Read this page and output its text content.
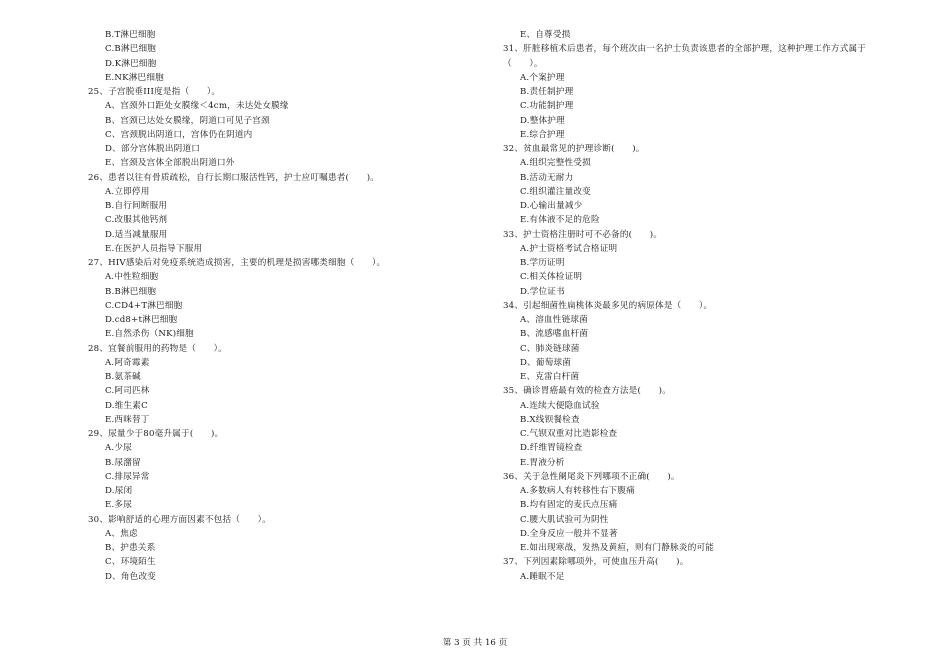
B.T淋巴细胞
C.B淋巴细胞
D.K淋巴细胞
E.NK淋巴细胞
25、子宫脱垂III度是指（　　）。
A、宫颈外口距处女膜缘＜4cm，未达处女膜缘
B、宫颈已达处女膜缘，阴道口可见子宫颈
C、宫颈脱出阴道口，宫体仍在阴道内
D、部分宫体脱出阴道口
E、宫颈及宫体全部脱出阴道口外
26、患者以往有骨质疏松，自行长期口服活性钙，护士应叮嘱患者(　　)。
A.立即停用
B.自行间断服用
C.改服其他钙剂
D.适当减量服用
E.在医护人员指导下服用
27、HIV感染后对免疫系统造成损害，主要的机理是损害哪类细胞（　　）。
A.中性粒细胞
B.B淋巴细胞
C.CD4+T淋巴细胞
D.cd8+t淋巴细胞
E.自然杀伤（NK)细胞
28、宜餐前服用的药物是（　　）。
A.阿奇霉素
B.氨茶碱
C.阿司匹林
D.维生素C
E.西咪替丁
29、尿量少于80毫升属于(　　)。
A.少尿
B.尿潴留
C.排尿异常
D.尿闭
E.多尿
30、影响舒适的心理方面因素不包括（　　）。
A、焦虑
B、护患关系
C、环境陌生
D、角色改变
E、自尊受损
31、肝脏移植术后患者，每个班次由一名护士负责该患者的全部护理，这种护理工作方式属于
（　　）。
A.个案护理
B.责任制护理
C.功能制护理
D.整体护理
E.综合护理
32、贫血最常见的护理诊断(　　)。
A.组织完整性受损
B.活动无耐力
C.组织灌注量改变
D.心输出量减少
E.有体液不足的危险
33、护士资格注册时可不必备的(　　)。
A.护士资格考试合格证明
B.学历证明
C.相关体检证明
D.学位证书
34、引起细菌性扁桃体炎最多见的病原体是（　　）。
A、溶血性链球菌
B、流感嗜血杆菌
C、肺炎链球菌
D、葡萄球菌
E、克雷白杆菌
35、确诊胃癌最有效的检查方法是(　　)。
A.连续大便隐血试验
B.X线钡餐检查
C.气钡双重对比造影检查
D.纤维胃镜检查
E.胃液分析
36、关于急性阑尾炎下列哪项不正确(　　)。
A.多数病人有转移性右下腹痛
B.均有固定的麦氏点压痛
C.腰大肌试验可为阴性
D.全身反应一般并不显著
E.如出现寒战，发热及黄疸，则有门静脉炎的可能
37、下列因素除哪项外，可使血压升高(　　)。
A.睡眠不足
第 3 页 共 16 页
